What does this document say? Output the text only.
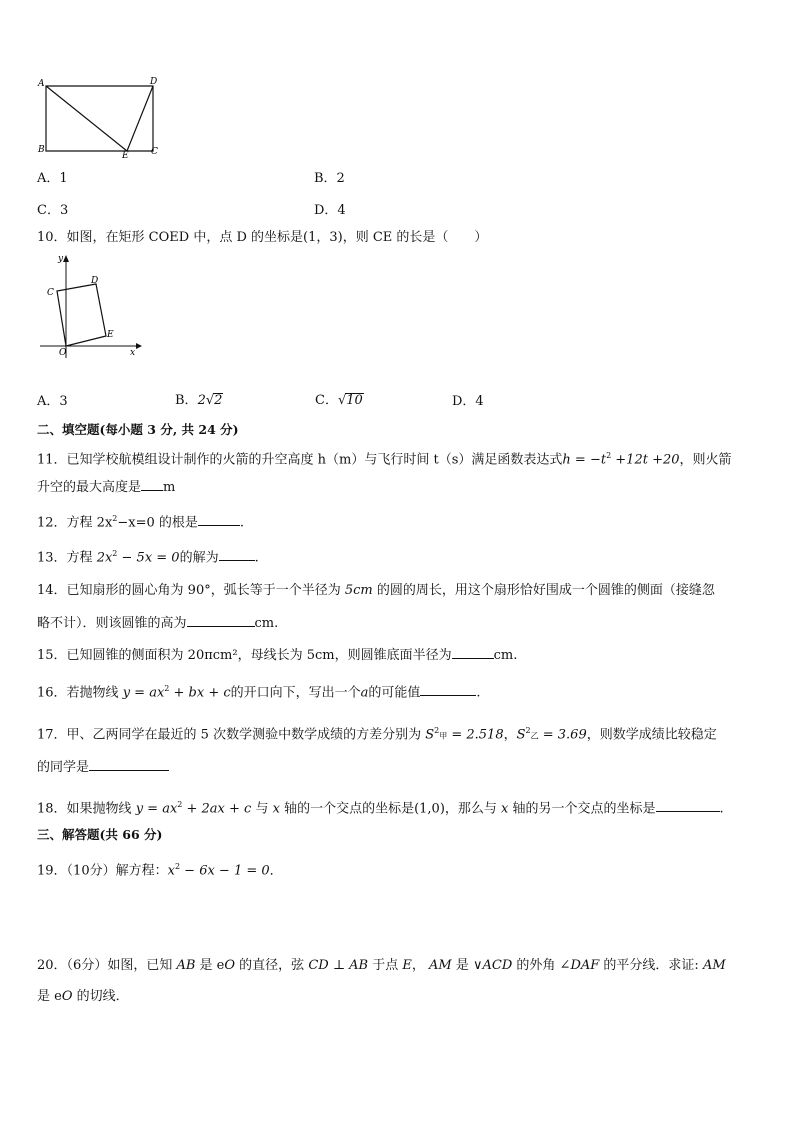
A	D
B
E C
A．1	B．2
C．3	D．4
10．如图，在矩形 COED 中，点 D 的坐标是(1，3)，则 CE 的长是（　　）
y
x
C
D
E
O
A．3	B．2√2	C．√10	D．4
二、填空题(每小题 3 分, 共 24 分)
11．已知学校航模组设计制作的火箭的升空高度 h（m）与飞行时间 t（s）满足函数表达式$h = -t^2 +12t +20$，则火箭
升空的最大高度是 m
12．方程 $2x^2-x=0$ 的根是	.
13．方程 $2x^2 - 5x = 0$的解为	.
14．已知扇形的圆心角为 90°，弧长等于一个半径为 5cm 的圆的周长，用这个扇形恰好围成一个圆锥的侧面（接缝忽
略不计）．则该圆锥的高为	cm.
15．已知圆锥的侧面积为 20πcm²，母线长为 5cm，则圆锥底面半径为	cm.
16．若抛物线 $y = ax^2$ + bx + c的开口向下，写出一个a的可能值	.
17．甲、乙两同学在最近的 5 次数学测验中数学成绩的方差分别为 $S^2$甲 = 2.518，$S^2$乙 = 3.69，则数学成绩比较稳定
的同学是
18．如果抛物线 $y = ax^2 + 2ax + c$ 与 x 轴的一个交点的坐标是(1,0)，那么与 x 轴的另一个交点的坐标是	.
三、解答题(共 66 分)
19．（10分）解方程：$x^2 - 6x - 1 = 0$．
20．（6分）如图，已知 AB 是 eO 的直径，弦 CD ⊥ AB 于点 E， AM 是 ∨ACD 的外角 ∠DAF 的平分线．求证: AM
是 eO 的切线．
